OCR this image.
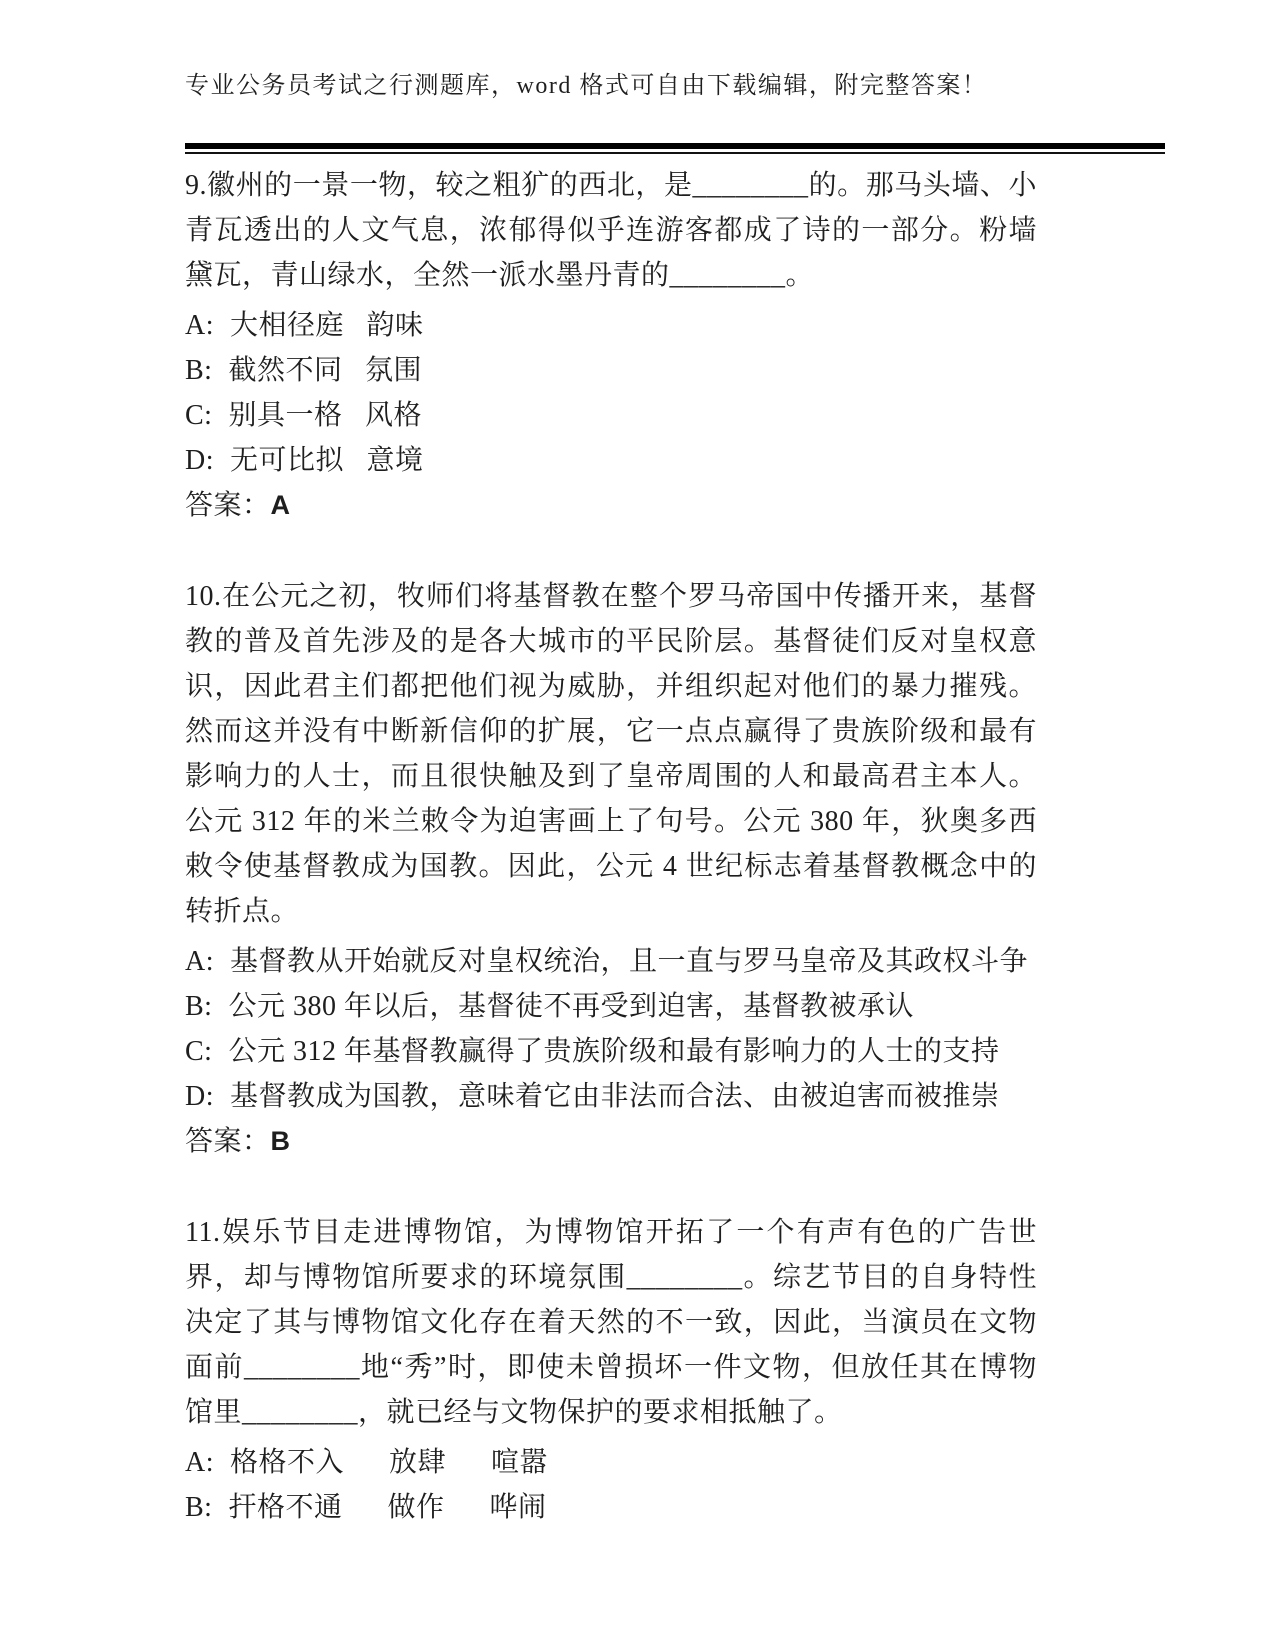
专业公务员考试之行测题库，word 格式可自由下载编辑，附完整答案！

9.徽州的一景一物，较之粗犷的西北，是________的。那马头墙、小青瓦透出的人文气息，浓郁得似乎连游客都成了诗的一部分。粉墙黛瓦，青山绿水，全然一派水墨丹青的________。

A: 大相径庭   韵味

B: 截然不同   氛围

C: 别具一格   风格

D: 无可比拟   意境

答案：A

10.在公元之初，牧师们将基督教在整个罗马帝国中传播开来，基督教的普及首先涉及的是各大城市的平民阶层。基督徒们反对皇权意识，因此君主们都把他们视为威胁，并组织起对他们的暴力摧残。然而这并没有中断新信仰的扩展，它一点点赢得了贵族阶级和最有影响力的人士，而且很快触及到了皇帝周围的人和最高君主本人。公元 312 年的米兰敕令为迫害画上了句号。公元 380 年，狄奥多西敕令使基督教成为国教。因此，公元 4 世纪标志着基督教概念中的转折点。

A: 基督教从开始就反对皇权统治，且一直与罗马皇帝及其政权斗争

B: 公元 380 年以后，基督徒不再受到迫害，基督教被承认

C: 公元 312 年基督教赢得了贵族阶级和最有影响力的人士的支持

D: 基督教成为国教，意味着它由非法而合法、由被迫害而被推崇

答案：B

11.娱乐节目走进博物馆，为博物馆开拓了一个有声有色的广告世界，却与博物馆所要求的环境氛围________。综艺节目的自身特性决定了其与博物馆文化存在着天然的不一致，因此，当演员在文物面前________地“秀”时，即使未曾损坏一件文物，但放任其在博物馆里________，就已经与文物保护的要求相抵触了。

A: 格格不入      放肆      喧嚣

B: 扞格不通      做作      哗闹
